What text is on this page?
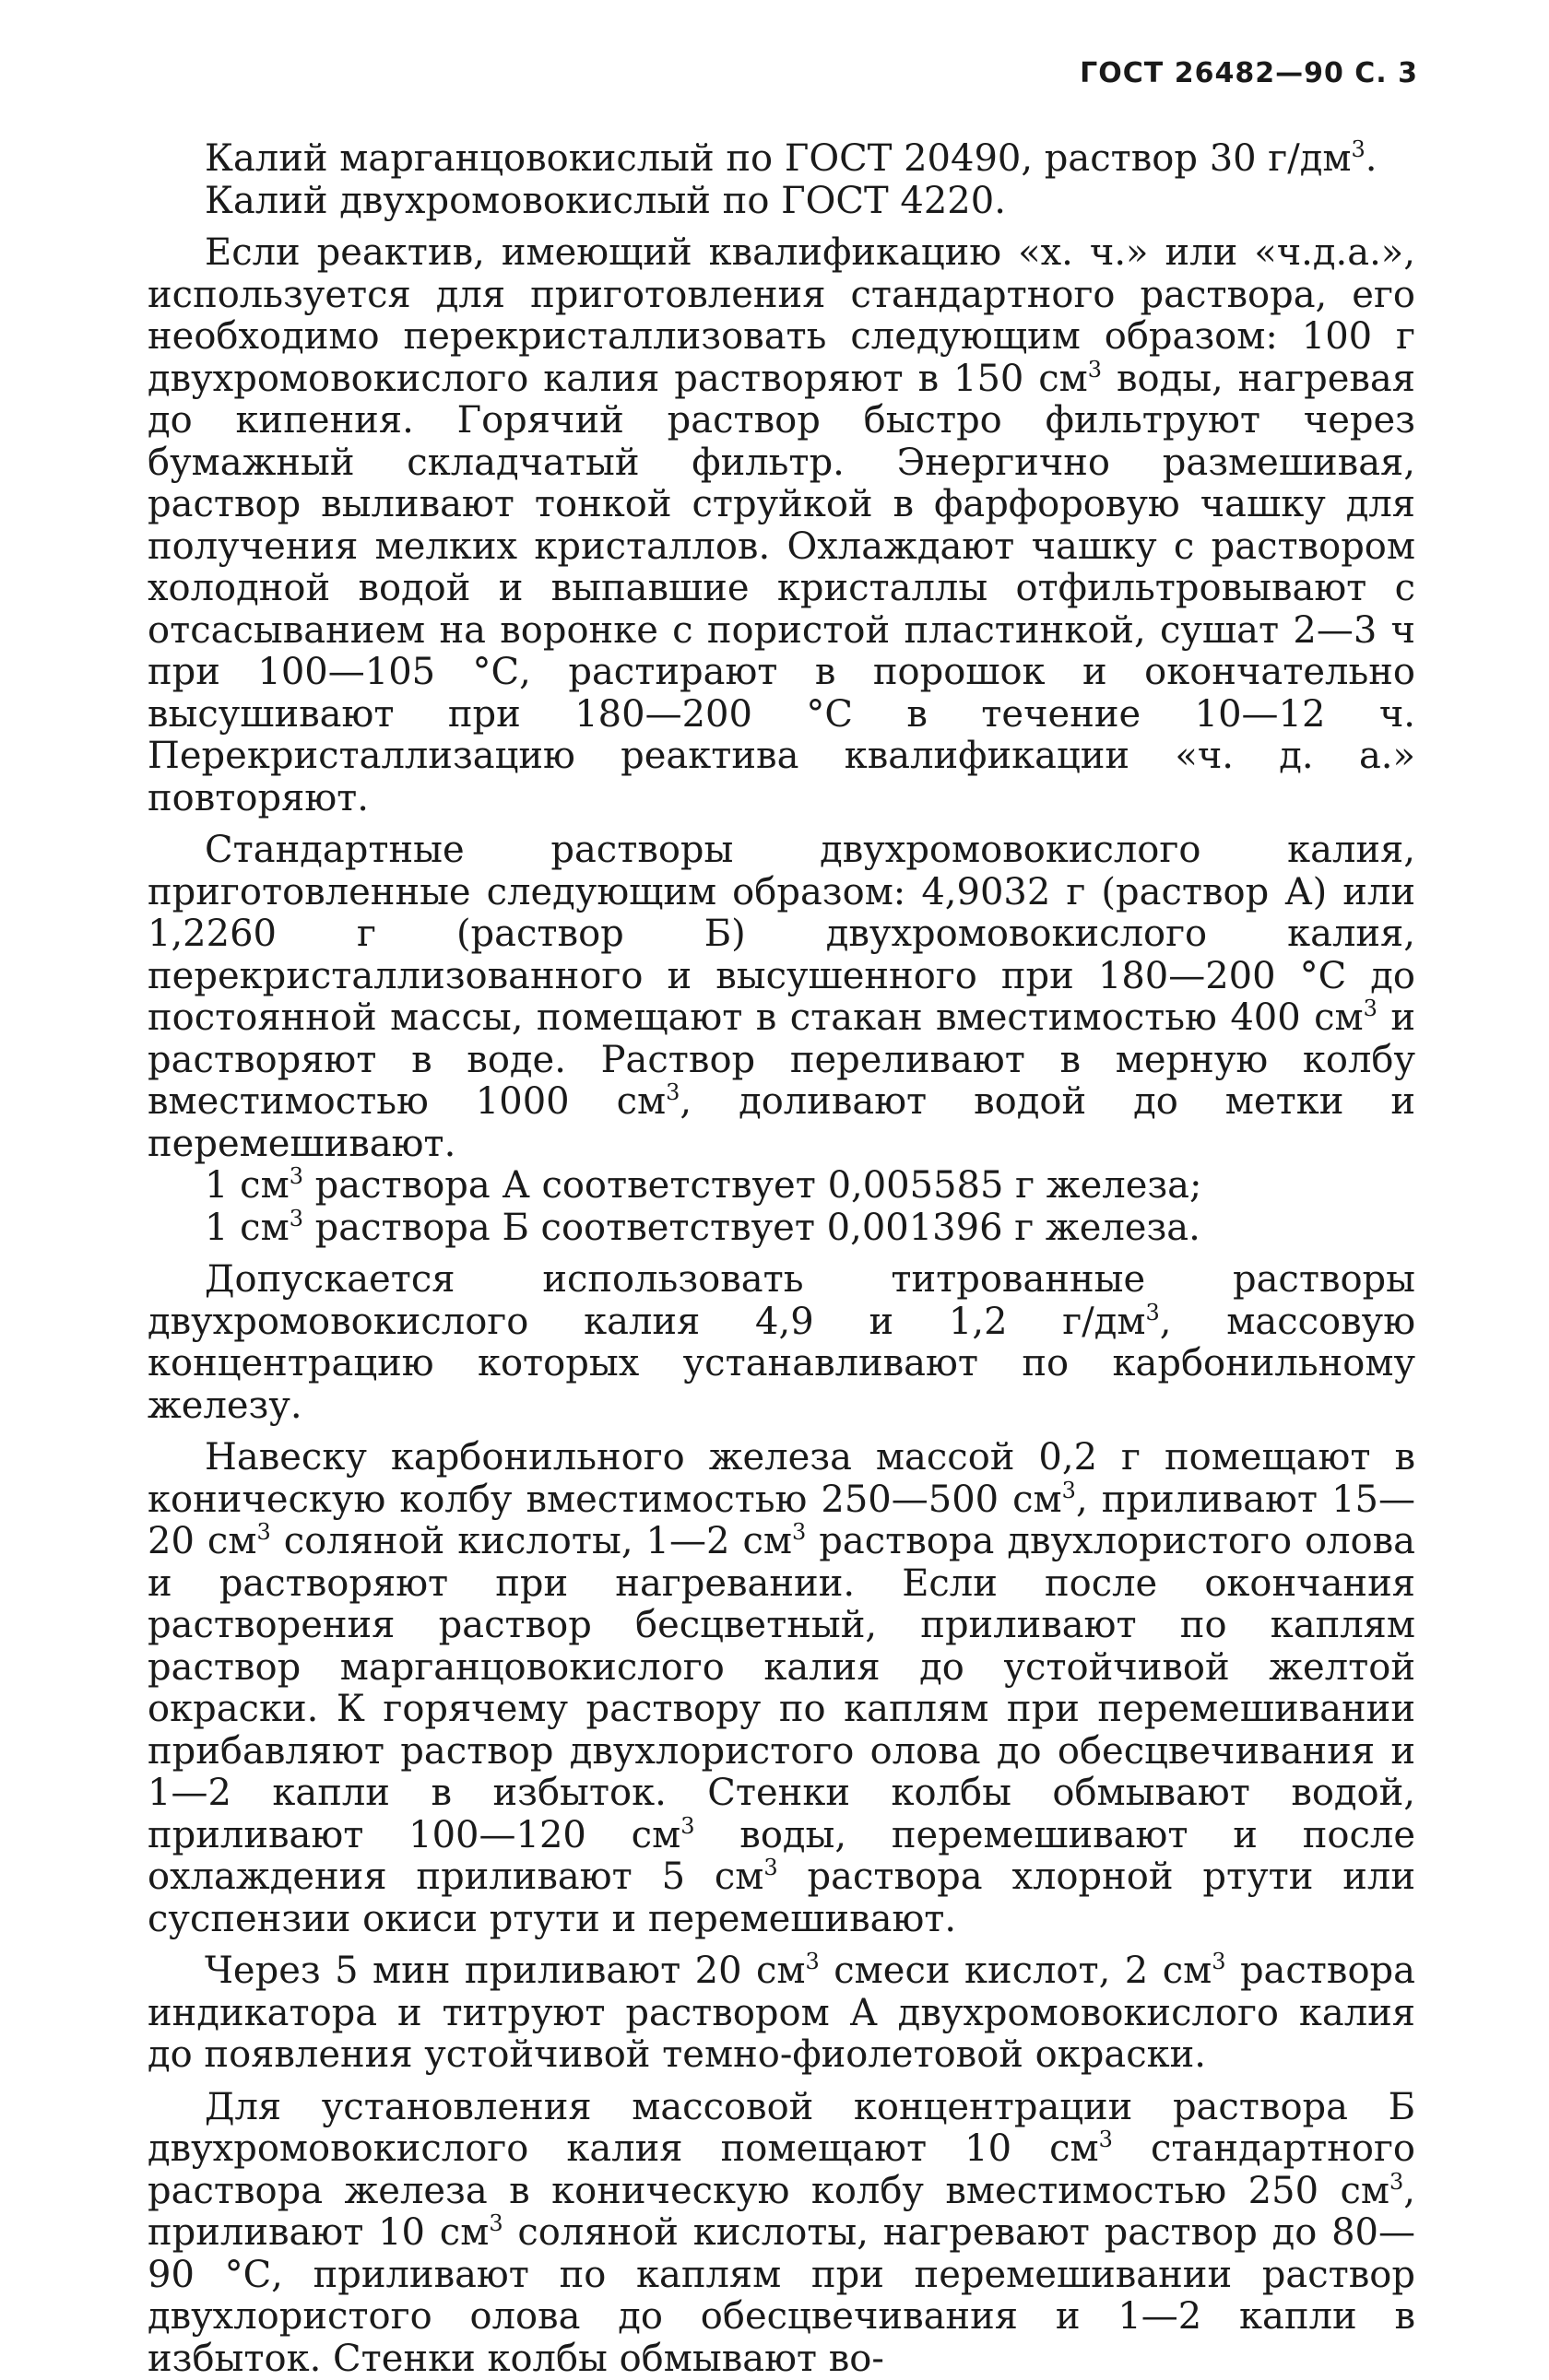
ГОСТ 26482—90 С. 3

Калий марганцовокислый по ГОСТ 20490, раствор 30 $г/дм^3$.

Калий двухромовокислый по ГОСТ 4220.

Если реактив, имеющий квалификацию «х. ч.» или «ч.д.а.», используется для приготовления стандартного раствора, его необходимо перекристаллизовать следующим образом: 100 г двухромовокислого калия растворяют в 150 $см^3$ воды, нагревая до кипения. Горячий раствор быстро фильтруют через бумажный складчатый фильтр. Энергично размешивая, раствор выливают тонкой струйкой в фарфоровую чашку для получения мелких кристаллов. Охлаждают чашку с раствором холодной водой и выпавшие кристаллы отфильтровывают с отсасыванием на воронке с пористой пластинкой, сушат 2—3 ч при 100—105 °С, растирают в порошок и окончательно высушивают при 180—200 °С в течение 10—12 ч. Перекристаллизацию реактива квалификации «ч. д. а.» повторяют.

Стандартные растворы двухромовокислого калия, приготовленные следующим образом: 4,9032 г (раствор А) или 1,2260 г (раствор Б) двухромовокислого калия, перекристаллизованного и высушенного при 180—200 °С до постоянной массы, помещают в стакан вместимостью 400 $см^3$ и растворяют в воде. Раствор переливают в мерную колбу вместимостью 1000 $см^3$, доливают водой до метки и перемешивают.

1 $см^3$ раствора А соответствует 0,005585 г железа;

1 $см^3$ раствора Б соответствует 0,001396 г железа.

Допускается использовать титрованные растворы двухромовокислого калия 4,9 и 1,2 $г/дм^3$, массовую концентрацию которых устанавливают по карбонильному железу.

Навеску карбонильного железа массой 0,2 г помещают в коническую колбу вместимостью 250—500 $см^3$, приливают 15—20 $см^3$ соляной кислоты, 1—2 $см^3$ раствора двухлористого олова и растворяют при нагревании. Если после окончания растворения раствор бесцветный, приливают по каплям раствор марганцовокислого калия до устойчивой желтой окраски. К горячему раствору по каплям при перемешивании прибавляют раствор двухлористого олова до обесцвечивания и 1—2 капли в избыток. Стенки колбы обмывают водой, приливают 100—120 $см^3$ воды, перемешивают и после охлаждения приливают 5 $см^3$ раствора хлорной ртути или суспензии окиси ртути и перемешивают.

Через 5 мин приливают 20 $см^3$ смеси кислот, 2 $см^3$ раствора индикатора и титруют раствором А двухромовокислого калия до появления устойчивой темно-фиолетовой окраски.

Для установления массовой концентрации раствора Б двухромовокислого калия помещают 10 $см^3$ стандартного раствора железа в коническую колбу вместимостью 250 $см^3$, приливают 10 $см^3$ соляной кислоты, нагревают раствор до 80—90 °С, приливают по каплям при перемешивании раствор двухлористого олова до обесцвечивания и 1—2 капли в избыток. Стенки колбы обмывают во-
